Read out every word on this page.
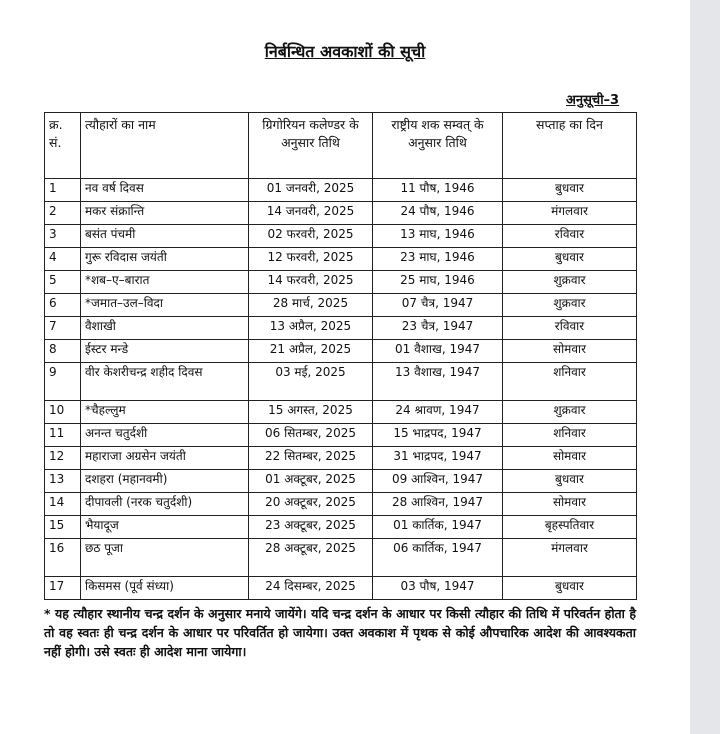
निर्बन्धित अवकाशों की सूची
अनुसूची–3
क्र. सं.	त्यौहारों का नाम	ग्रिगोरियन कलेण्डर के अनुसार तिथि	राष्ट्रीय शक सम्वत् के अनुसार तिथि	सप्ताह का दिन
1	नव वर्ष दिवस	01 जनवरी, 2025	11 पौष, 1946	बुधवार
2	मकर संक्रान्ति	14 जनवरी, 2025	24 पौष, 1946	मंगलवार
3	बसंत पंचमी	02 फरवरी, 2025	13 माघ, 1946	रविवार
4	गुरू रविदास जयंती	12 फरवरी, 2025	23 माघ, 1946	बुधवार
5	*शब–ए–बारात	14 फरवरी, 2025	25 माघ, 1946	शुक्रवार
6	*जमात–उल–विदा	28 मार्च, 2025	07 चैत्र, 1947	शुक्रवार
7	वैशाखी	13 अप्रैल, 2025	23 चैत्र, 1947	रविवार
8	ईस्टर मन्डे	21 अप्रैल, 2025	01 वैशाख, 1947	सोमवार
9	वीर केशरीचन्द्र शहीद दिवस	03 मई, 2025	13 वैशाख, 1947	शनिवार
10	*चैहल्लुम	15 अगस्त, 2025	24 श्रावण, 1947	शुक्रवार
11	अनन्त चतुर्दशी	06 सितम्बर, 2025	15 भाद्रपद, 1947	शनिवार
12	महाराजा अग्रसेन जयंती	22 सितम्बर, 2025	31 भाद्रपद, 1947	सोमवार
13	दशहरा (महानवमी)	01 अक्टूबर, 2025	09 आश्विन, 1947	बुधवार
14	दीपावली (नरक चतुर्दशी)	20 अक्टूबर, 2025	28 आश्विन, 1947	सोमवार
15	भैयादूज	23 अक्टूबर, 2025	01 कार्तिक, 1947	बृहस्पतिवार
16	छठ पूजा	28 अक्टूबर, 2025	06 कार्तिक, 1947	मंगलवार
17	किसमस (पूर्व संध्या)	24 दिसम्बर, 2025	03 पौष, 1947	बुधवार
* यह त्यौहार स्थानीय चन्द्र दर्शन के अनुसार मनाये जायेंगे। यदि चन्द्र दर्शन के आधार पर किसी त्यौहार की तिथि में परिवर्तन होता है तो वह स्वतः ही चन्द्र दर्शन के आधार पर परिवर्तित हो जायेगा। उक्त अवकाश में पृथक से कोई औपचारिक आदेश की आवश्यकता नहीं होगी। उसे स्वतः ही आदेश माना जायेगा।
